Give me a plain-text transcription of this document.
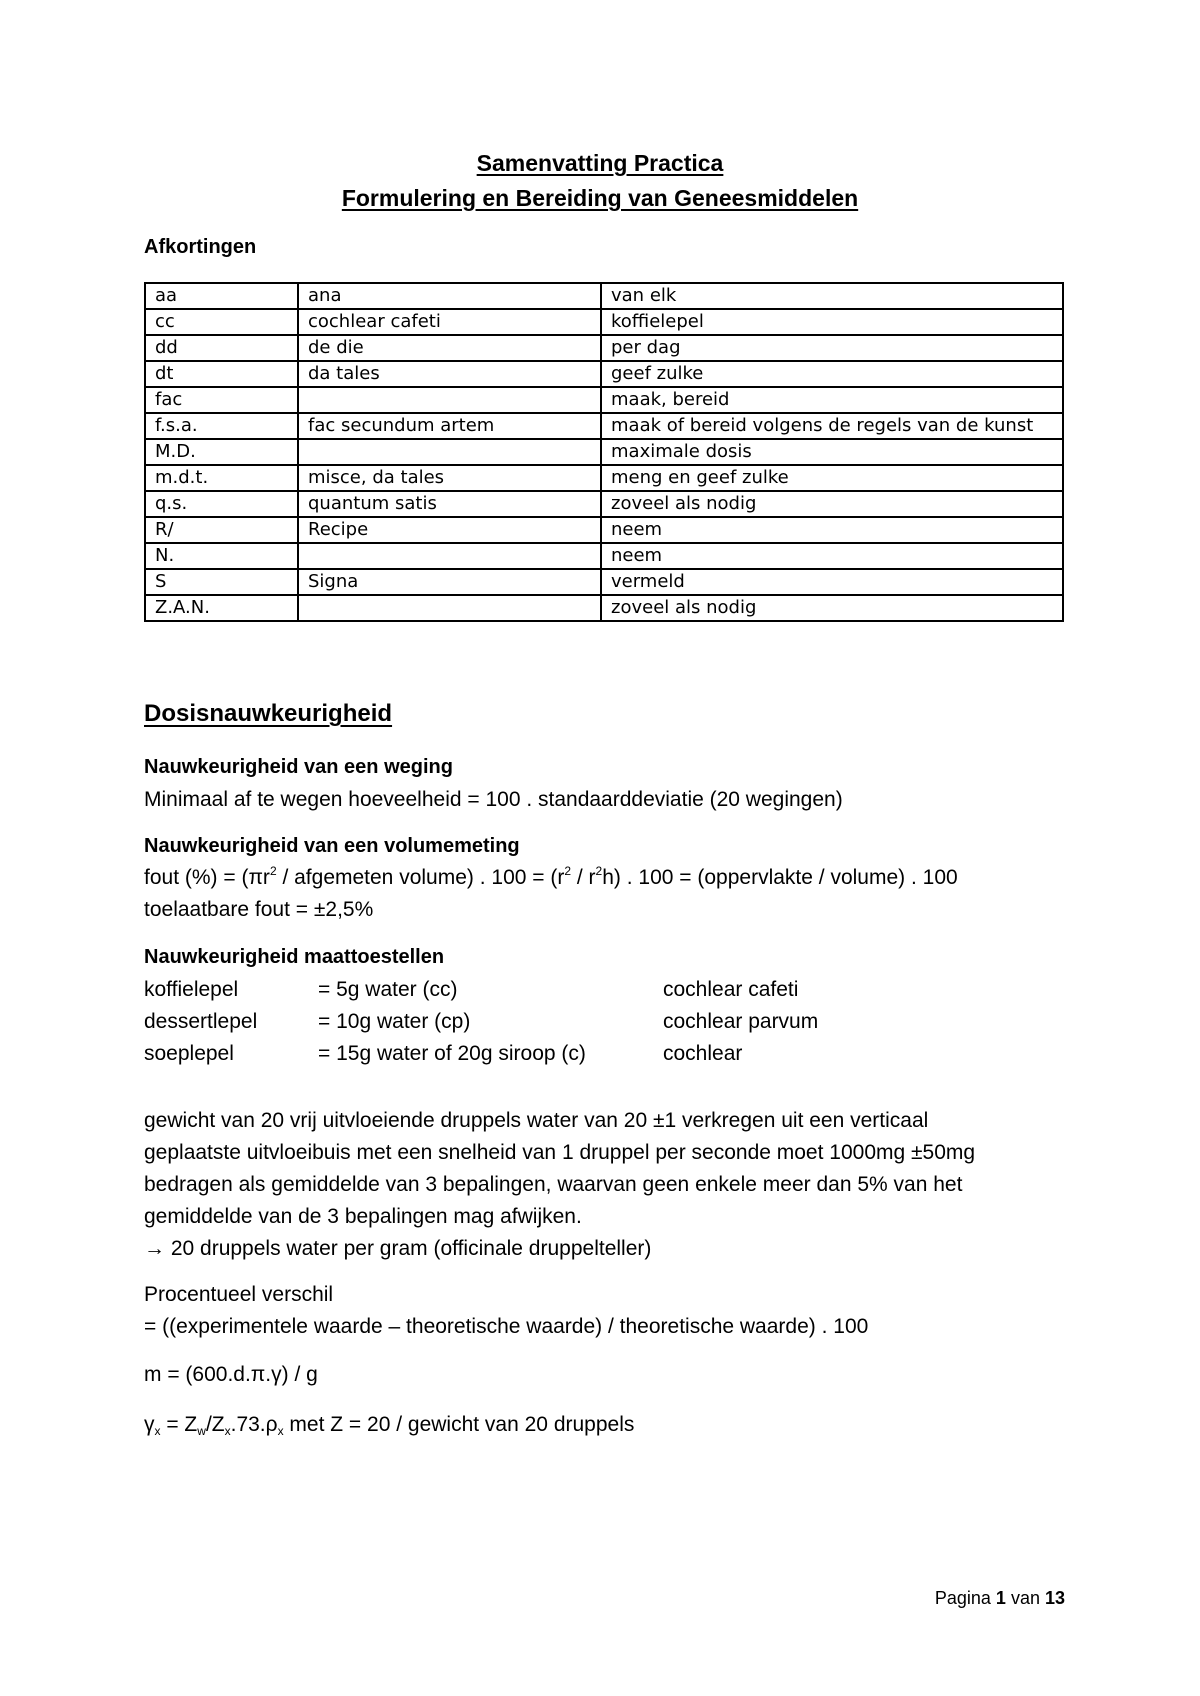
Samenvatting Practica
Formulering en Bereiding van Geneesmiddelen
Afkortingen
aa	ana	van elk
cc	cochlear cafeti	koffielepel
dd	de die	per dag
dt	da tales	geef zulke
fac		maak, bereid
f.s.a.	fac secundum artem	maak of bereid volgens de regels van de kunst
M.D.		maximale dosis
m.d.t.	misce, da tales	meng en geef zulke
q.s.	quantum satis	zoveel als nodig
R/	Recipe	neem
N.		neem
S	Signa	vermeld
Z.A.N.		zoveel als nodig
Dosisnauwkeurigheid
Nauwkeurigheid van een weging
Minimaal af te wegen hoeveelheid = 100 . standaarddeviatie (20 wegingen)
Nauwkeurigheid van een volumemeting
fout (%) = ($\pi r^2$ / afgemeten volume) . $100 = (r^2 / r^2h)$ . 100 = (oppervlakte / volume) . 100
toelaatbare fout = ±2,5%
Nauwkeurigheid maattoestellen
koffielepel	= 5g water (cc)	cochlear cafeti
dessertlepel	= 10g water (cp)	cochlear parvum
soeplepel	= 15g water of 20g siroop (c)	cochlear
gewicht van 20 vrij uitvloeiende druppels water van 20 ±1 verkregen uit een verticaal
geplaatste uitvloeibuis met een snelheid van 1 druppel per seconde moet 1000mg ±50mg
bedragen als gemiddelde van 3 bepalingen, waarvan geen enkele meer dan 5% van het
gemiddelde van de 3 bepalingen mag afwijken.
→ 20 druppels water per gram (officinale druppelteller)
Procentueel verschil
= ((experimentele waarde – theoretische waarde) / theoretische waarde) . 100
m = (600.d.π.γ) / g
$\gamma_x = Z_w/Z_x.73.\rho_x$ met Z = 20 / gewicht van 20 druppels
Pagina 1 van 13
